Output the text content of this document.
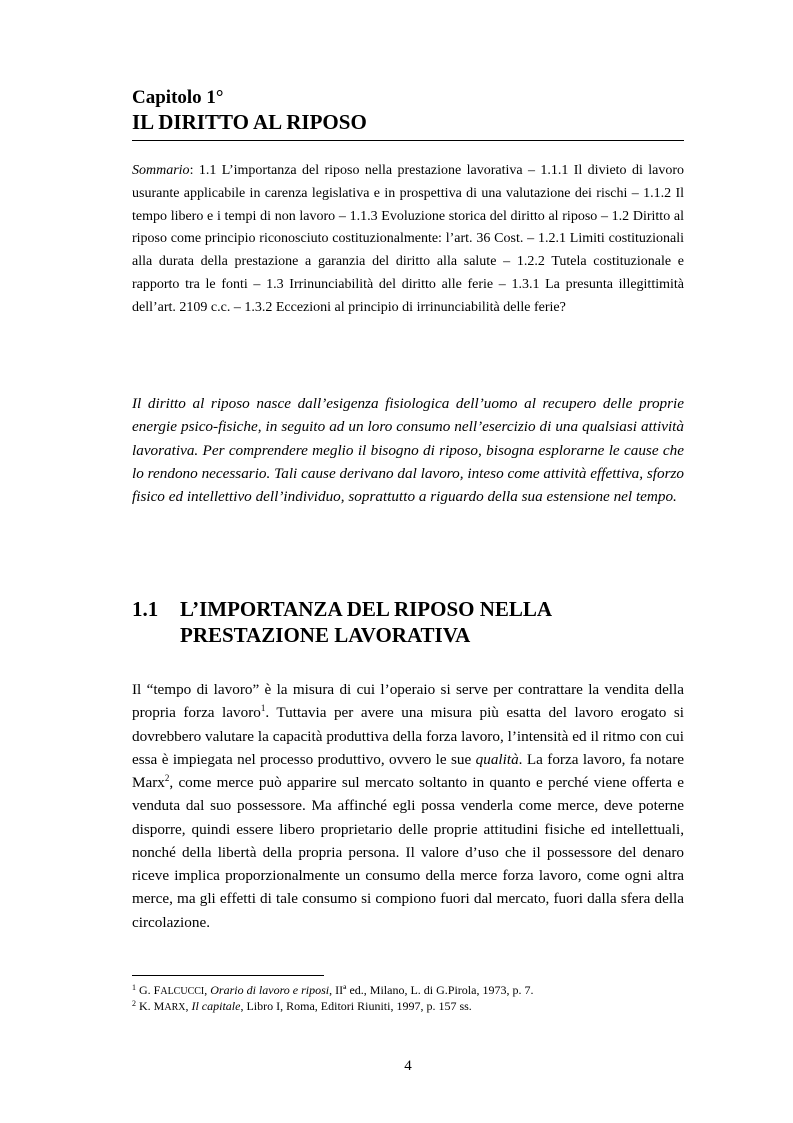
Capitolo 1°
IL DIRITTO AL RIPOSO

Sommario: 1.1 L’importanza del riposo nella prestazione lavorativa – 1.1.1 Il divieto di lavoro usurante applicabile in carenza legislativa e in prospettiva di una valutazione dei rischi – 1.1.2 Il tempo libero e i tempi di non lavoro – 1.1.3 Evoluzione storica del diritto al riposo – 1.2 Diritto al riposo come principio riconosciuto costituzionalmente: l’art. 36 Cost. – 1.2.1 Limiti costituzionali alla durata della prestazione a garanzia del diritto alla salute – 1.2.2 Tutela costituzionale e rapporto tra le fonti – 1.3 Irrinunciabilità del diritto alle ferie – 1.3.1 La presunta illegittimità dell’art. 2109 c.c. – 1.3.2 Eccezioni al principio di irrinunciabilità delle ferie?

Il diritto al riposo nasce dall’esigenza fisiologica dell’uomo al recupero delle proprie energie psico-fisiche, in seguito ad un loro consumo nell’esercizio di una qualsiasi attività lavorativa. Per comprendere meglio il bisogno di riposo, bisogna esplorarne le cause che lo rendono necessario. Tali cause derivano dal lavoro, inteso come attività effettiva, sforzo fisico ed intellettivo dell’individuo, soprattutto a riguardo della sua estensione nel tempo.

1.1 L’IMPORTANZA DEL RIPOSO NELLA
PRESTAZIONE LAVORATIVA

Il “tempo di lavoro” è la misura di cui l’operaio si serve per contrattare la vendita della propria forza lavoro$^1$. Tuttavia per avere una misura più esatta del lavoro erogato si dovrebbero valutare la capacità produttiva della forza lavoro, l’intensità ed il ritmo con cui essa è impiegata nel processo produttivo, ovvero le sue qualità. La forza lavoro, fa notare Marx$^2$, come merce può apparire sul mercato soltanto in quanto e perché viene offerta e venduta dal suo possessore. Ma affinché egli possa venderla come merce, deve poterne disporre, quindi essere libero proprietario delle proprie attitudini fisiche ed intellettuali, nonché della libertà della propria persona. Il valore d’uso che il possessore del denaro riceve implica proporzionalmente un consumo della merce forza lavoro, come ogni altra merce, ma gli effetti di tale consumo si compiono fuori dal mercato, fuori dalla sfera della circolazione.

$^1$ G. FALCUCCI, Orario di lavoro e riposi, IIª ed., Milano, L. di G.Pirola, 1973, p. 7.
$^2$ K. MARX, Il capitale, Libro I, Roma, Editori Riuniti, 1997, p. 157 ss.
4
